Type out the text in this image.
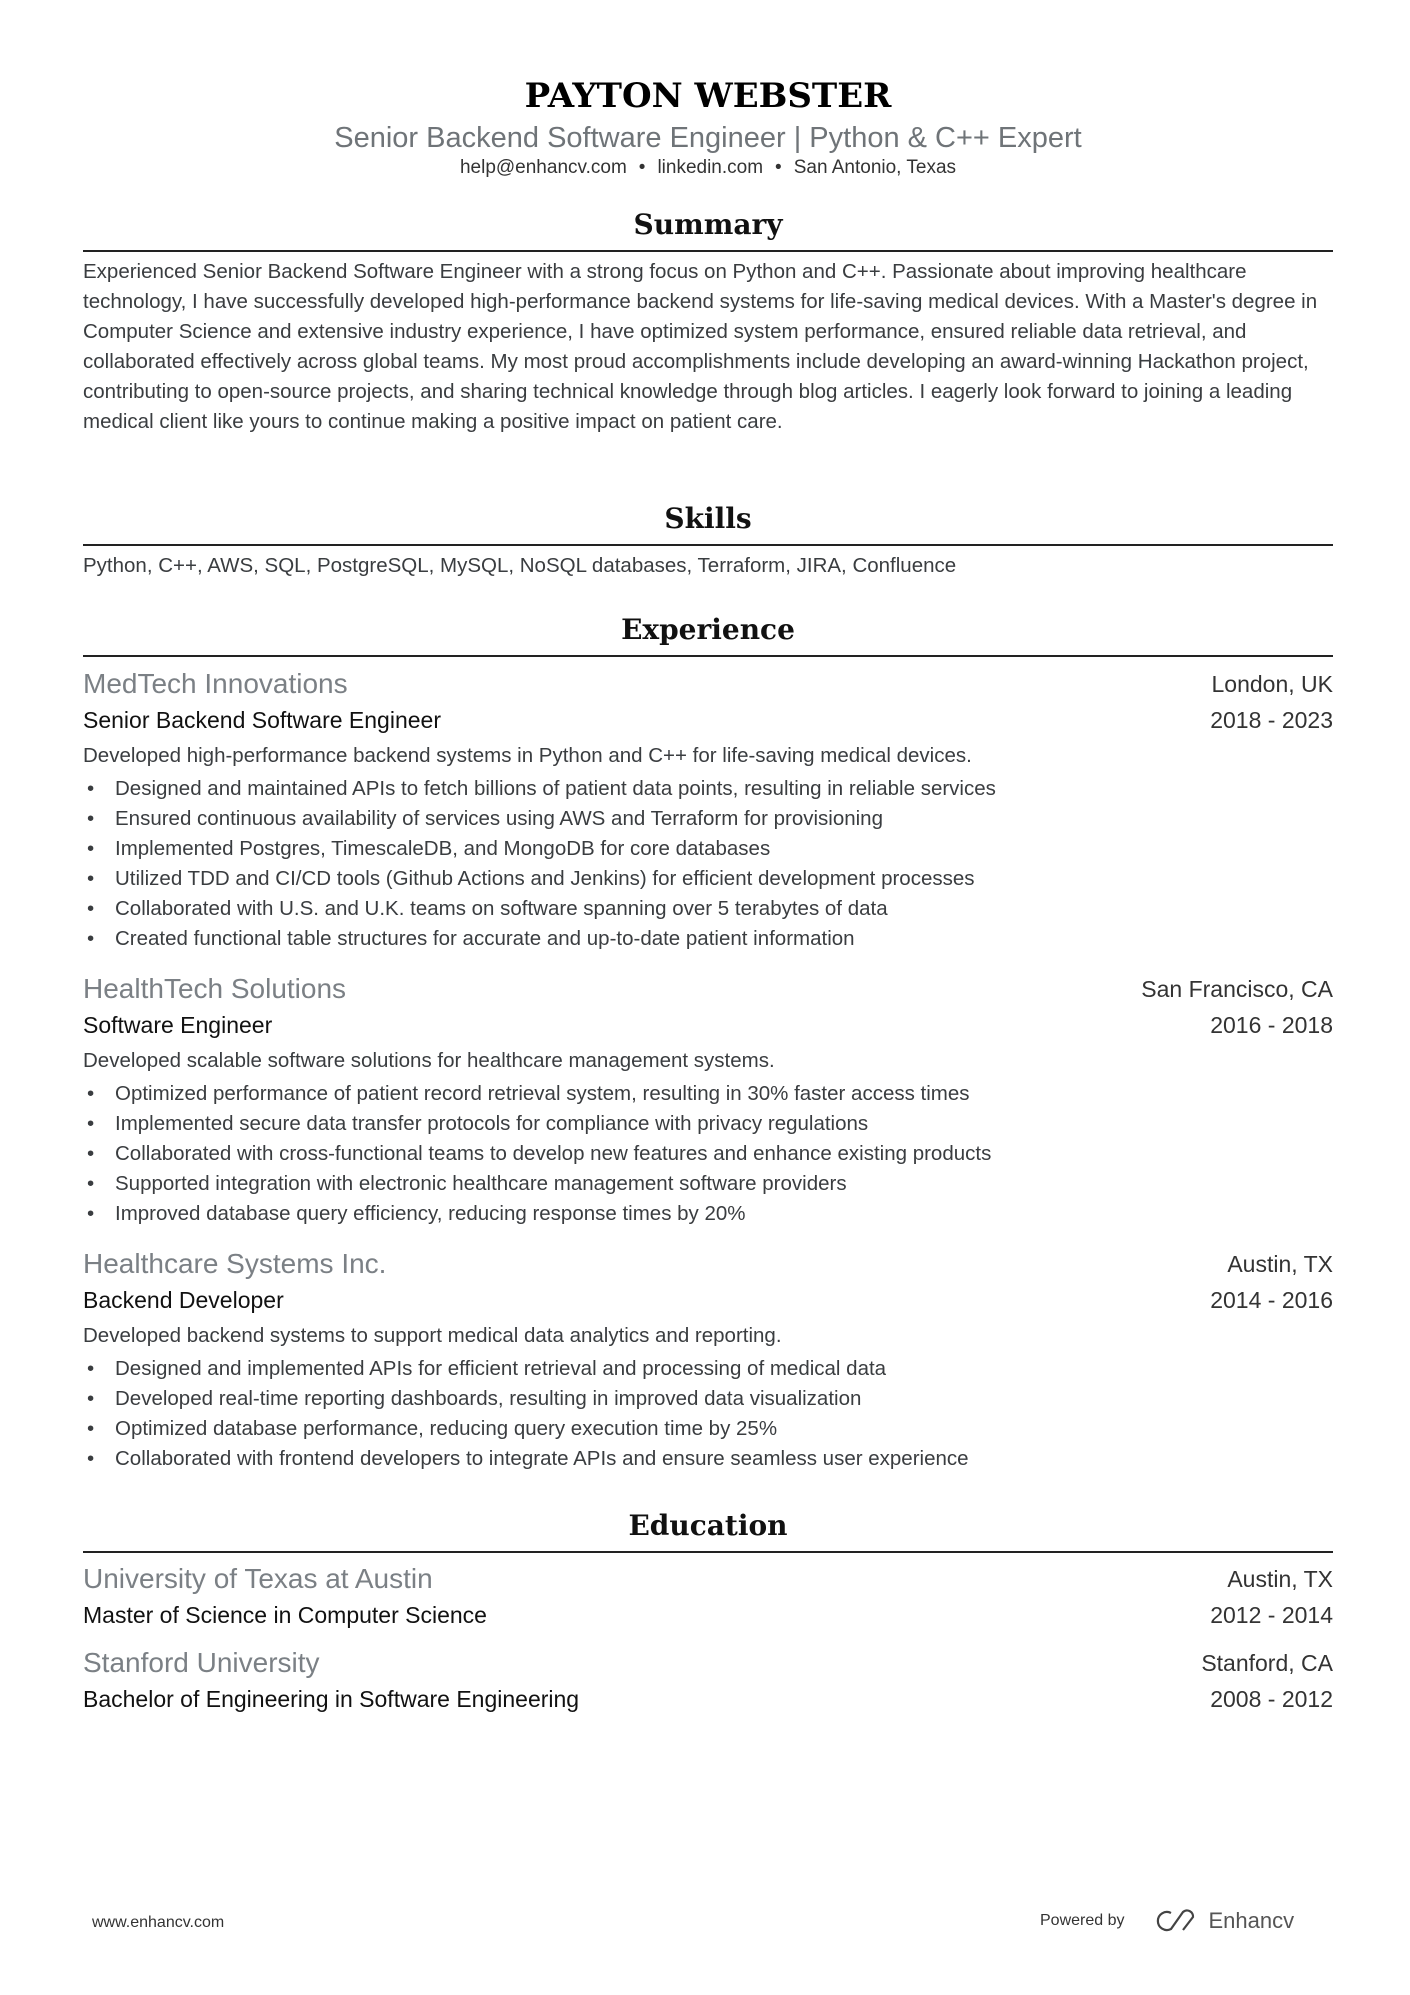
PAYTON WEBSTER
Senior Backend Software Engineer | Python & C++ Expert
help@enhancv.com • linkedin.com • San Antonio, Texas
Summary
Experienced Senior Backend Software Engineer with a strong focus on Python and C++. Passionate about improving healthcare technology, I have successfully developed high-performance backend systems for life-saving medical devices. With a Master's degree in Computer Science and extensive industry experience, I have optimized system performance, ensured reliable data retrieval, and collaborated effectively across global teams. My most proud accomplishments include developing an award-winning Hackathon project, contributing to open-source projects, and sharing technical knowledge through blog articles. I eagerly look forward to joining a leading medical client like yours to continue making a positive impact on patient care.
Skills
Python, C++, AWS, SQL, PostgreSQL, MySQL, NoSQL databases, Terraform, JIRA, Confluence
Experience
MedTech Innovations	London, UK
Senior Backend Software Engineer	2018 - 2023
Developed high-performance backend systems in Python and C++ for life-saving medical devices.
• Designed and maintained APIs to fetch billions of patient data points, resulting in reliable services
• Ensured continuous availability of services using AWS and Terraform for provisioning
• Implemented Postgres, TimescaleDB, and MongoDB for core databases
• Utilized TDD and CI/CD tools (Github Actions and Jenkins) for efficient development processes
• Collaborated with U.S. and U.K. teams on software spanning over 5 terabytes of data
• Created functional table structures for accurate and up-to-date patient information
HealthTech Solutions	San Francisco, CA
Software Engineer	2016 - 2018
Developed scalable software solutions for healthcare management systems.
• Optimized performance of patient record retrieval system, resulting in 30% faster access times
• Implemented secure data transfer protocols for compliance with privacy regulations
• Collaborated with cross-functional teams to develop new features and enhance existing products
• Supported integration with electronic healthcare management software providers
• Improved database query efficiency, reducing response times by 20%
Healthcare Systems Inc.	Austin, TX
Backend Developer	2014 - 2016
Developed backend systems to support medical data analytics and reporting.
• Designed and implemented APIs for efficient retrieval and processing of medical data
• Developed real-time reporting dashboards, resulting in improved data visualization
• Optimized database performance, reducing query execution time by 25%
• Collaborated with frontend developers to integrate APIs and ensure seamless user experience
Education
University of Texas at Austin	Austin, TX
Master of Science in Computer Science	2012 - 2014
Stanford University	Stanford, CA
Bachelor of Engineering in Software Engineering	2008 - 2012
www.enhancv.com	Powered by	Enhancv
